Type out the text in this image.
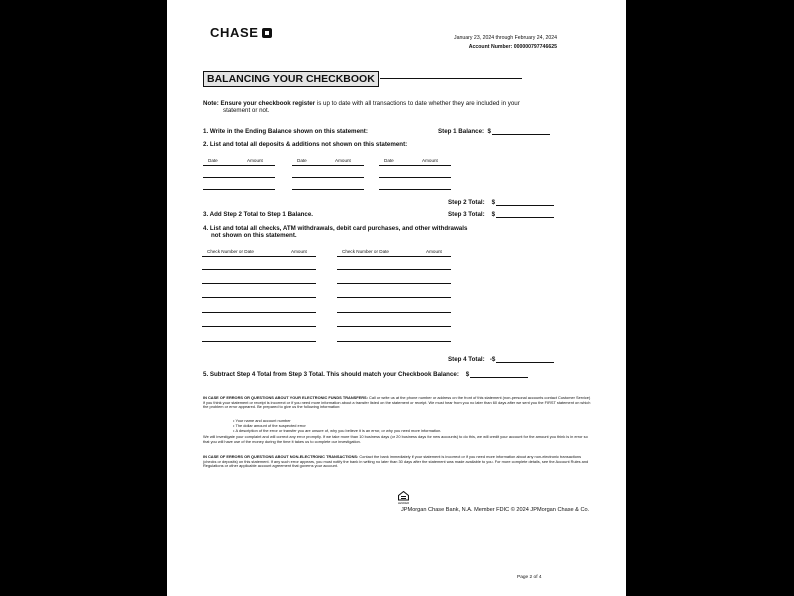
CHASE	January 23, 2024 through February 24, 2024
Account Number: 000000797746625
BALANCING YOUR CHECKBOOK
Note: Ensure your checkbook register is up to date with all transactions to date whether they are included in your
statement or not.
1. Write in the Ending Balance shown on this statement:	Step 1 Balance: $
2. List and total all deposits & additions not shown on this statement:
Date	Amount	Date	Amount	Date	Amount
Step 2 Total: $
3. Add Step 2 Total to Step 1 Balance.	Step 3 Total: $
4. List and total all checks, ATM withdrawals, debit card purchases, and other withdrawals
not shown on this statement.
Check Number or Date	Amount	Check Number or Date	Amount
Step 4 Total: -$
5. Subtract Step 4 Total from Step 3 Total. This should match your Checkbook Balance: $
IN CASE OF ERRORS OR QUESTIONS ABOUT YOUR ELECTRONIC FUNDS TRANSFERS: Call or write us at the phone number or address on the front of this statement (non-personal accounts contact Customer Service) if you think your statement or receipt is incorrect or if you need more information about a transfer listed on the statement or receipt. We must hear from you no later than 60 days after we sent you the FIRST statement on which the problem or error appeared. Be prepared to give us the following information:
• Your name and account number
• The dollar amount of the suspected error
• A description of the error or transfer you are unsure of, why you believe it is an error, or why you need more information.
We will investigate your complaint and will correct any error promptly. If we take more than 10 business days (or 20 business days for new accounts) to do this, we will credit your account for the amount you think is in error so that you will have use of the money during the time it takes us to complete our investigation.
IN CASE OF ERRORS OR QUESTIONS ABOUT NON-ELECTRONIC TRANSACTIONS: Contact the bank immediately if your statement is incorrect or if you need more information about any non-electronic transactions (checks or deposits) on this statement. If any such error appears, you must notify the bank in writing no later than 30 days after the statement was made available to you. For more complete details, see the Account Rules and Regulations or other applicable account agreement that governs your account.
LENDER
JPMorgan Chase Bank, N.A. Member FDIC © 2024 JPMorgan Chase & Co.
Page 2 of 4
